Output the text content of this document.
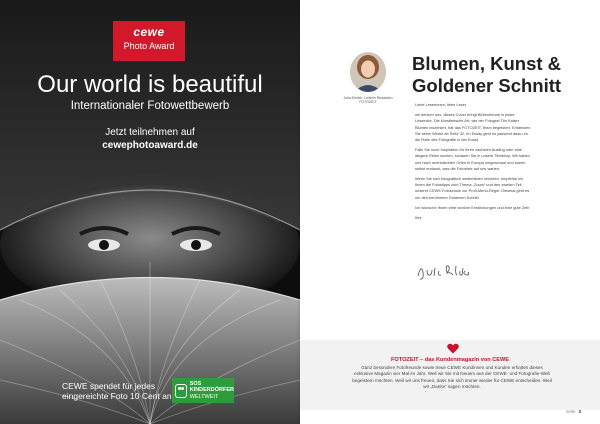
cewe
Photo Award
Our world is beautiful
Internationaler Fotowettbewerb
Jetzt teilnehmen auf
cewephotoaward.de
CEWE spendet für jedes
eingereichte Foto 10 Cent an
SOS
KINDERDÖRFER
WELTWEIT
Julia Ehrlich, Leiterin Redaktion FOTOZEIT
Blumen, Kunst &
Goldener Schnitt

Liebe Leserinnen, liebe Leser,

wir denken uns, dieses Cover bringt Blütenfreude in jedes Leseecke. Die künstlerische Art, wie der Fotograf Tim Kaiser Blumen inszeniert, hat das FOTOZEIT-Team begeistert. Entdecken Sie seine Werke ab Seite 32. Im Essay geht es passend dazu um die Rolle des Fotografie in der Kunst.

Falls Sie noch Inspiration für Ihren nächsten Ausflug oder eine längere Reise suchen, schauen Sie in unsere Titelstory: Wir haben uns nach unentdeckten Orten in Europa umgeschaut und waren selbst erstaunt, was die Fotoziele auf uns warten.

Wenn Sie sich fotografisch weiterbilden möchten, empfehle ich Ihnen die Fotostipps zum Thema „Zoom“ und den zweiten Teil unserer CEWE Fotoschule zur Profi-Menü-Regel: Diesmal geht es um den berühmten Goldenen Schnitt.

Ich wünsche Ihnen viele schöne Entdeckungen und eine gute Zeit!

Ihre

FOTOZEIT – das Kundenmagazin von CEWE
Ganz besondere Fotofreunde sowie treue CEWE Kundinnen und Kunden erhalten dieses exklusive Magazin vier Mal im Jahr. Weil wir Sie mit Neuem aus der CEWE- und Fotografie-Welt begeistern möchten. Weil wir uns freuen, dass Sie sich immer wieder für CEWE entscheiden. Weil wir „Danke“ sagen möchten.
seite 3
